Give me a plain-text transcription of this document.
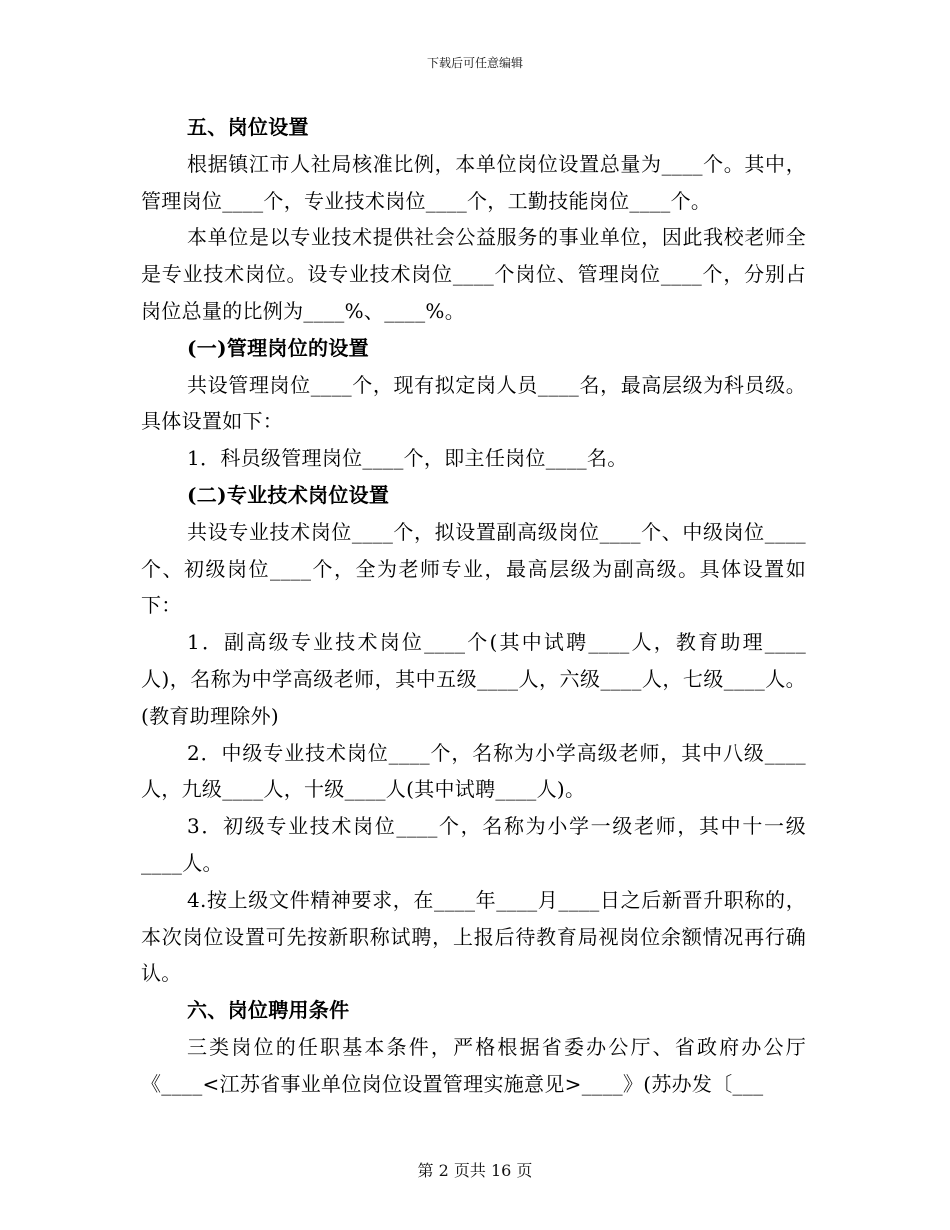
下载后可任意编辑

五、岗位设置

根据镇江市人社局核准比例，本单位岗位设置总量为____个。其中，管理岗位____个，专业技术岗位____个，工勤技能岗位____个。

本单位是以专业技术提供社会公益服务的事业单位，因此我校老师全是专业技术岗位。设专业技术岗位____个岗位、管理岗位____个，分别占岗位总量的比例为____%、____%。

(一)管理岗位的设置

共设管理岗位____个，现有拟定岗人员____名，最高层级为科员级。具体设置如下：

1．科员级管理岗位____个，即主任岗位____名。

(二)专业技术岗位设置

共设专业技术岗位____个，拟设置副高级岗位____个、中级岗位____个、初级岗位____个，全为老师专业，最高层级为副高级。具体设置如下：

1．副高级专业技术岗位____个(其中试聘____人，教育助理____人)，名称为中学高级老师，其中五级____人，六级____人，七级____人。(教育助理除外)

2．中级专业技术岗位____个，名称为小学高级老师，其中八级____人，九级____人，十级____人(其中试聘____人)。

3．初级专业技术岗位____个，名称为小学一级老师，其中十一级____人。

4.按上级文件精神要求，在____年____月____日之后新晋升职称的，本次岗位设置可先按新职称试聘，上报后待教育局视岗位余额情况再行确认。

六、岗位聘用条件

三类岗位的任职基本条件，严格根据省委办公厅、省政府办公厅《____<江苏省事业单位岗位设置管理实施意见>____》(苏办发〔___

第 2 页共 16 页
